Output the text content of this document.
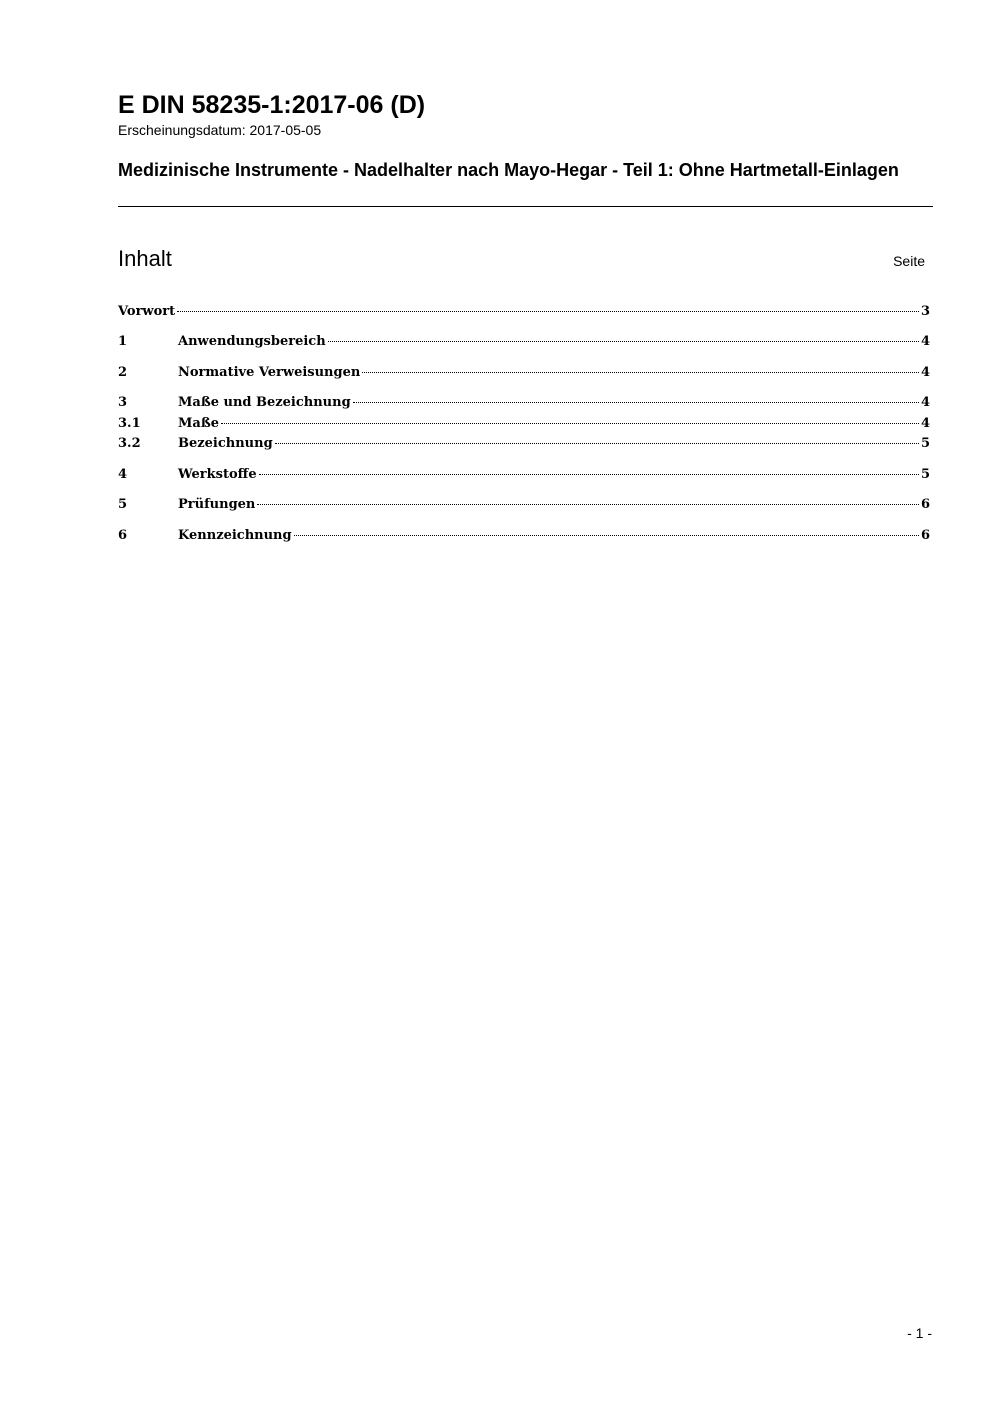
E DIN 58235-1:2017-06 (D)
Erscheinungsdatum: 2017-05-05
Medizinische Instrumente - Nadelhalter nach Mayo-Hegar - Teil 1: Ohne Hartmetall-Einlagen
Inhalt	Seite
Vorwort	3
1	Anwendungsbereich	4
2	Normative Verweisungen	4
3	Maße und Bezeichnung	4
3.1	Maße	4
3.2	Bezeichnung	5
4	Werkstoffe	5
5	Prüfungen	6
6	Kennzeichnung	6
- 1 -
